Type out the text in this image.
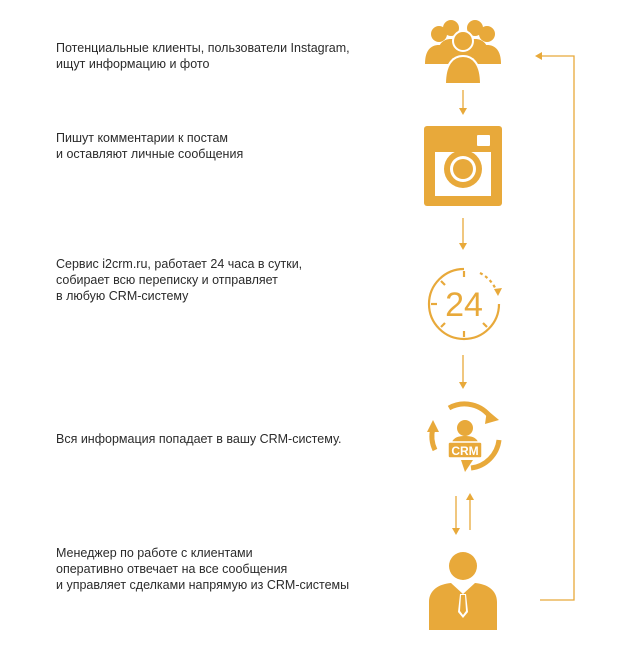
Потенциальные клиенты, пользователи Instagram,
ищут информацию и фото
Пишут комментарии к постам
и оставляют личные сообщения
Сервис i2crm.ru, работает 24 часа в сутки,
собирает всю переписку и отправляет
в любую CRM-систему
Вся информация попадает в вашу CRM-систему.
Менеджер по работе с клиентами
оперативно отвечает на все сообщения
и управляет сделками напрямую из CRM-системы
24
CRM
